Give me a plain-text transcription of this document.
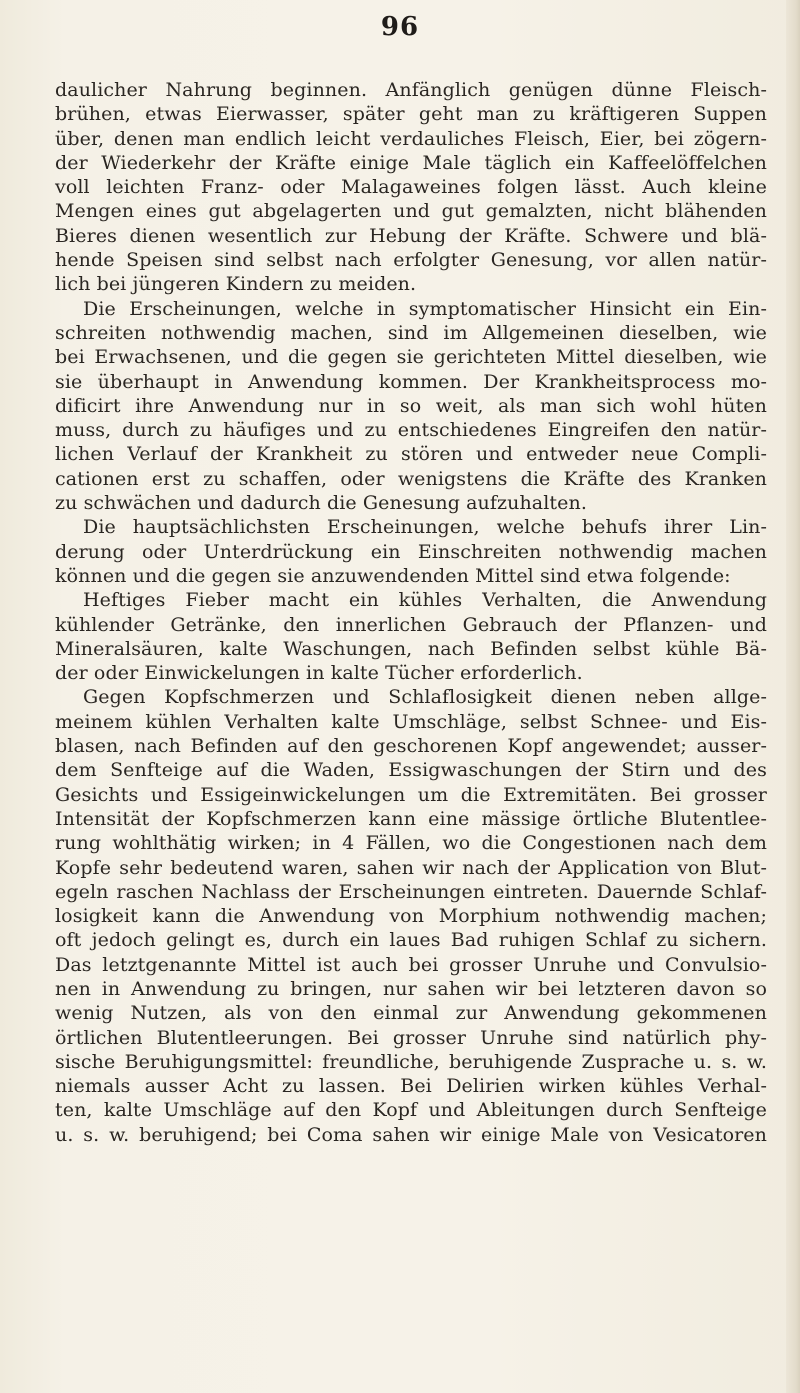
96
daulicher Nahrung beginnen. Anfänglich genügen dünne Fleisch-
brühen, etwas Eierwasser, später geht man zu kräftigeren Suppen
über, denen man endlich leicht verdauliches Fleisch, Eier, bei zögern-
der Wiederkehr der Kräfte einige Male täglich ein Kaffeelöffelchen
voll leichten Franz- oder Malagaweines folgen lässt. Auch kleine
Mengen eines gut abgelagerten und gut gemalzten, nicht blähenden
Bieres dienen wesentlich zur Hebung der Kräfte. Schwere und blä-
hende Speisen sind selbst nach erfolgter Genesung, vor allen natür-
lich bei jüngeren Kindern zu meiden.
Die Erscheinungen, welche in symptomatischer Hinsicht ein Ein-
schreiten nothwendig machen, sind im Allgemeinen dieselben, wie
bei Erwachsenen, und die gegen sie gerichteten Mittel dieselben, wie
sie überhaupt in Anwendung kommen. Der Krankheitsprocess mo-
dificirt ihre Anwendung nur in so weit, als man sich wohl hüten
muss, durch zu häufiges und zu entschiedenes Eingreifen den natür-
lichen Verlauf der Krankheit zu stören und entweder neue Compli-
cationen erst zu schaffen, oder wenigstens die Kräfte des Kranken
zu schwächen und dadurch die Genesung aufzuhalten.
Die hauptsächlichsten Erscheinungen, welche behufs ihrer Lin-
derung oder Unterdrückung ein Einschreiten nothwendig machen
können und die gegen sie anzuwendenden Mittel sind etwa folgende:
Heftiges Fieber macht ein kühles Verhalten, die Anwendung
kühlender Getränke, den innerlichen Gebrauch der Pflanzen- und
Mineralsäuren, kalte Waschungen, nach Befinden selbst kühle Bä-
der oder Einwickelungen in kalte Tücher erforderlich.
Gegen Kopfschmerzen und Schlaflosigkeit dienen neben allge-
meinem kühlen Verhalten kalte Umschläge, selbst Schnee- und Eis-
blasen, nach Befinden auf den geschorenen Kopf angewendet; ausser-
dem Senfteige auf die Waden, Essigwaschungen der Stirn und des
Gesichts und Essigeinwickelungen um die Extremitäten. Bei grosser
Intensität der Kopfschmerzen kann eine mässige örtliche Blutentlee-
rung wohlthätig wirken; in 4 Fällen, wo die Congestionen nach dem
Kopfe sehr bedeutend waren, sahen wir nach der Application von Blut-
egeln raschen Nachlass der Erscheinungen eintreten. Dauernde Schlaf-
losigkeit kann die Anwendung von Morphium nothwendig machen;
oft jedoch gelingt es, durch ein laues Bad ruhigen Schlaf zu sichern.
Das letztgenannte Mittel ist auch bei grosser Unruhe und Convulsio-
nen in Anwendung zu bringen, nur sahen wir bei letzteren davon so
wenig Nutzen, als von den einmal zur Anwendung gekommenen
örtlichen Blutentleerungen. Bei grosser Unruhe sind natürlich phy-
sische Beruhigungsmittel: freundliche, beruhigende Zusprache u. s. w.
niemals ausser Acht zu lassen. Bei Delirien wirken kühles Verhal-
ten, kalte Umschläge auf den Kopf und Ableitungen durch Senfteige
u. s. w. beruhigend; bei Coma sahen wir einige Male von Vesicatoren
